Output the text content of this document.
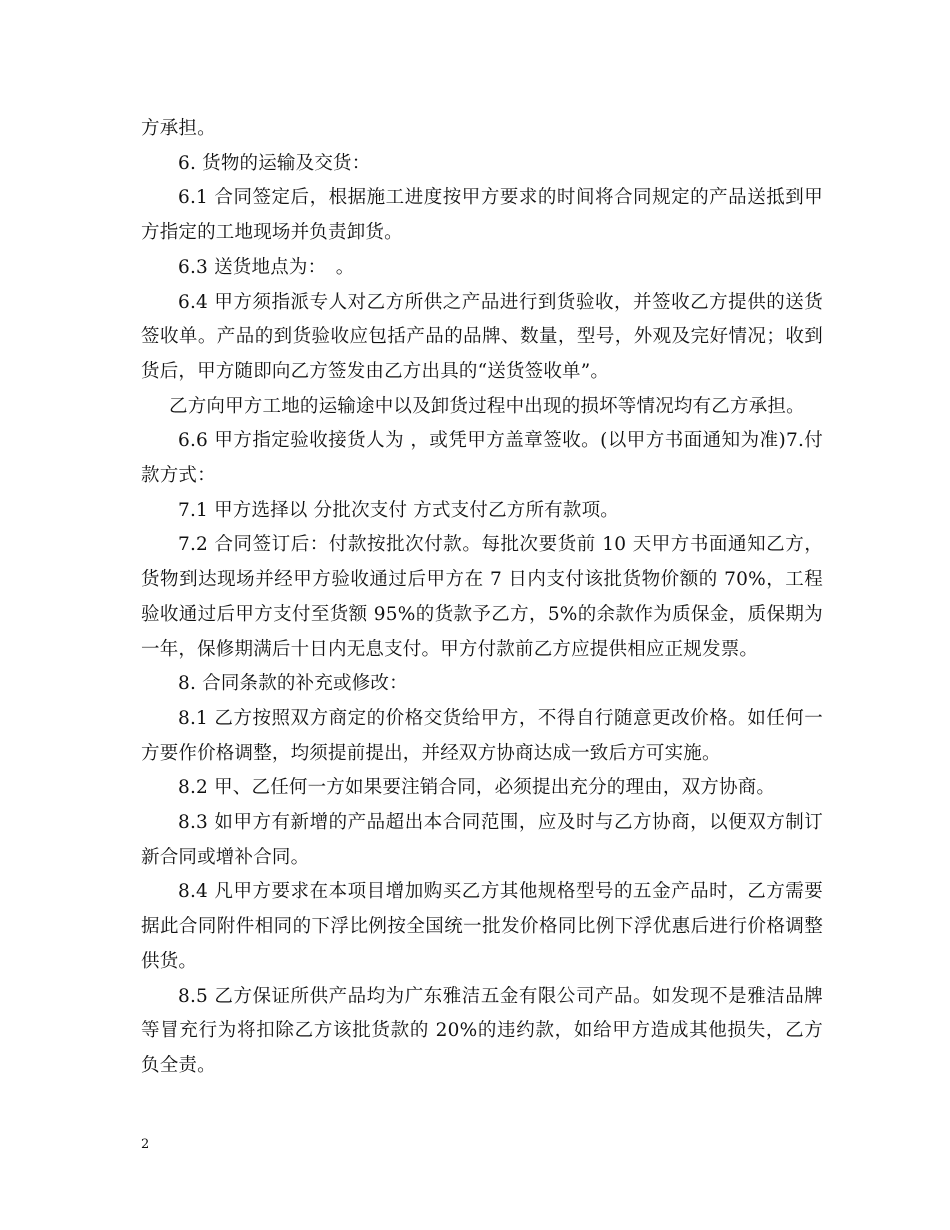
方承担。

6. 货物的运输及交货：

6.1 合同签定后，根据施工进度按甲方要求的时间将合同规定的产品送抵到甲方指定的工地现场并负责卸货。

6.3 送货地点为：　。

6.4 甲方须指派专人对乙方所供之产品进行到货验收，并签收乙方提供的送货签收单。产品的到货验收应包括产品的品牌、数量，型号，外观及完好情况；收到货后，甲方随即向乙方签发由乙方出具的“送货签收单”。

乙方向甲方工地的运输途中以及卸货过程中出现的损坏等情况均有乙方承担。

6.6 甲方指定验收接货人为 ，或凭甲方盖章签收。(以甲方书面通知为准)7.付款方式：

7.1 甲方选择以 分批次支付 方式支付乙方所有款项。

7.2 合同签订后：付款按批次付款。每批次要货前 10 天甲方书面通知乙方，货物到达现场并经甲方验收通过后甲方在 7 日内支付该批货物价额的 70%，工程验收通过后甲方支付至货额 95%的货款予乙方，5%的余款作为质保金，质保期为一年，保修期满后十日内无息支付。甲方付款前乙方应提供相应正规发票。

8. 合同条款的补充或修改：

8.1 乙方按照双方商定的价格交货给甲方，不得自行随意更改价格。如任何一方要作价格调整，均须提前提出，并经双方协商达成一致后方可实施。

8.2 甲、乙任何一方如果要注销合同，必须提出充分的理由，双方协商。

8.3 如甲方有新增的产品超出本合同范围，应及时与乙方协商，以便双方制订新合同或增补合同。

8.4 凡甲方要求在本项目增加购买乙方其他规格型号的五金产品时，乙方需要据此合同附件相同的下浮比例按全国统一批发价格同比例下浮优惠后进行价格调整供货。

8.5 乙方保证所供产品均为广东雅洁五金有限公司产品。如发现不是雅洁品牌等冒充行为将扣除乙方该批货款的 20%的违约款，如给甲方造成其他损失，乙方负全责。

2
